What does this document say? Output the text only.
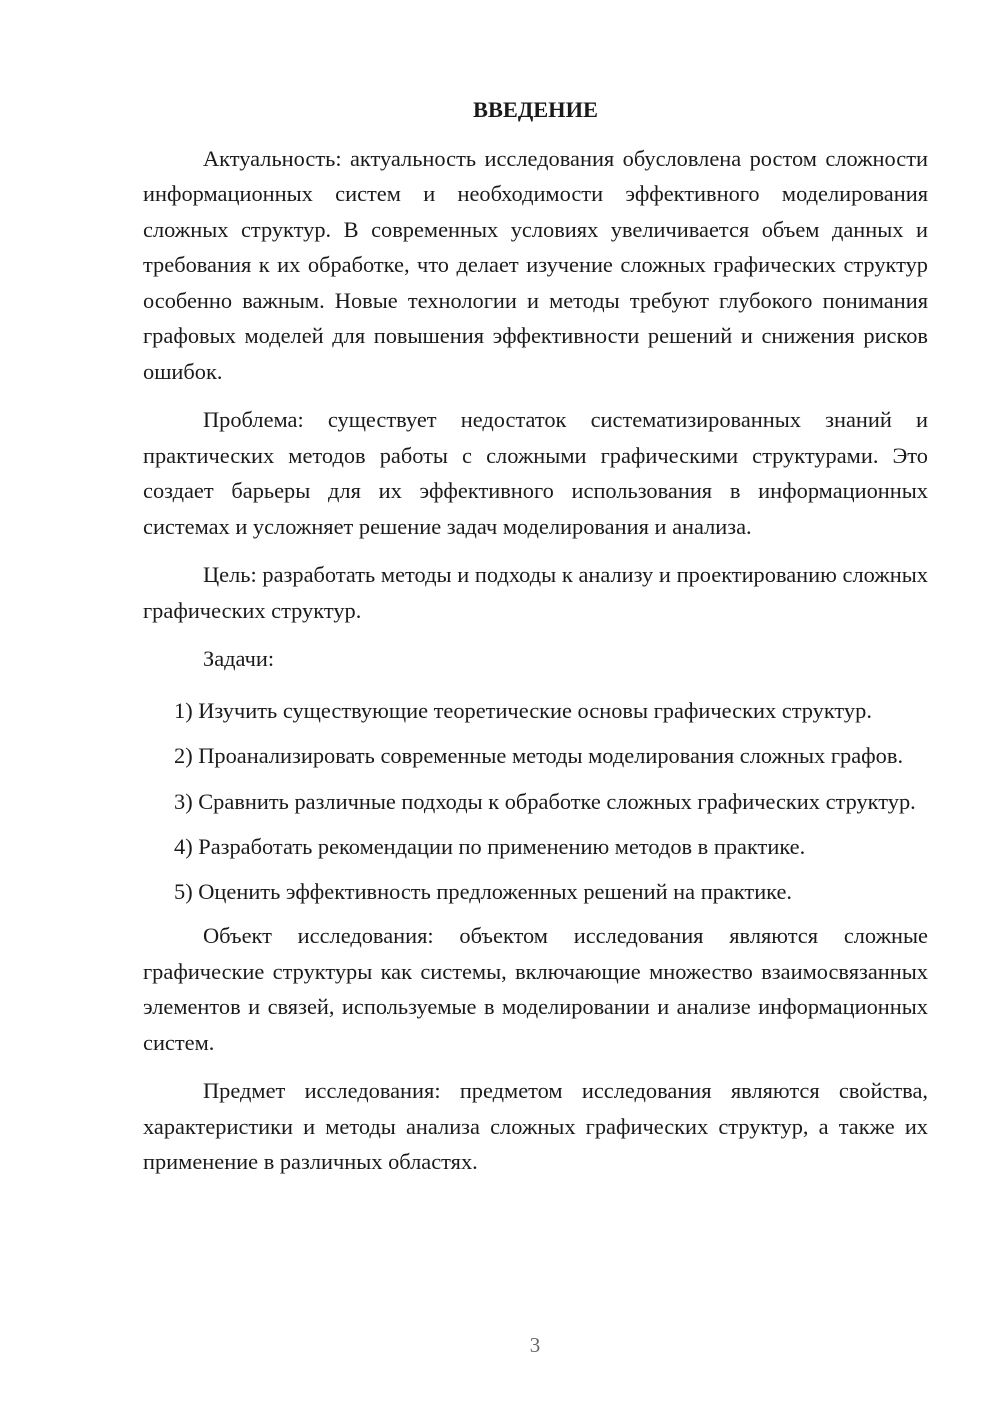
ВВЕДЕНИЕ

Актуальность: актуальность исследования обусловлена ростом сложности информационных систем и необходимости эффективного моделирования сложных структур. В современных условиях увеличивается объем данных и требования к их обработке, что делает изучение сложных графических структур особенно важным. Новые технологии и методы требуют глубокого понимания графовых моделей для повышения эффективности решений и снижения рисков ошибок.

Проблема: существует недостаток систематизированных знаний и практических методов работы с сложными графическими структурами. Это создает барьеры для их эффективного использования в информационных системах и усложняет решение задач моделирования и анализа.

Цель: разработать методы и подходы к анализу и проектированию сложных графических структур.

Задачи:

1) Изучить существующие теоретические основы графических структур.

2) Проанализировать современные методы моделирования сложных графов.

3) Сравнить различные подходы к обработке сложных графических структур.

4) Разработать рекомендации по применению методов в практике.

5) Оценить эффективность предложенных решений на практике.

Объект исследования: объектом исследования являются сложные графические структуры как системы, включающие множество взаимосвязанных элементов и связей, используемые в моделировании и анализе информационных систем.

Предмет исследования: предметом исследования являются свойства, характеристики и методы анализа сложных графических структур, а также их применение в различных областях.

3
